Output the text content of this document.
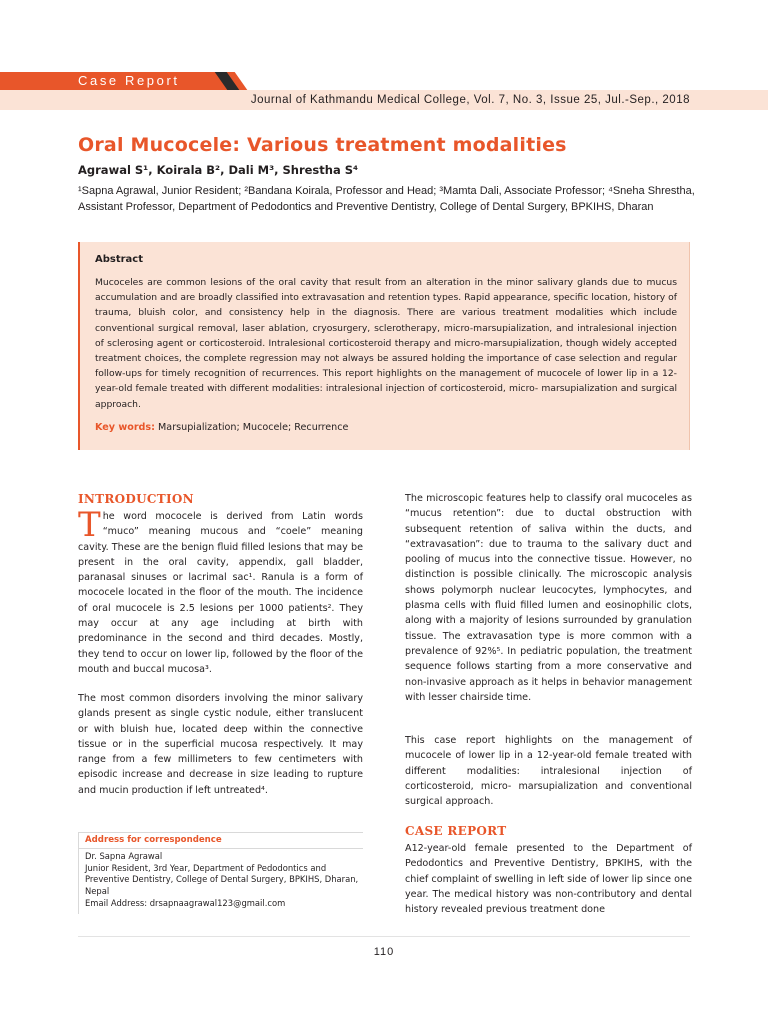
Case Report
Journal of Kathmandu Medical College, Vol. 7, No. 3, Issue 25, Jul.-Sep., 2018
Oral Mucocele: Various treatment modalities
Agrawal S¹, Koirala B², Dali M³, Shrestha S⁴
¹Sapna Agrawal, Junior Resident; ²Bandana Koirala, Professor and Head; ³Mamta Dali, Associate Professor; ⁴Sneha Shrestha, Assistant Professor, Department of Pedodontics and Preventive Dentistry, College of Dental Surgery, BPKIHS, Dharan
Abstract

Mucoceles are common lesions of the oral cavity that result from an alteration in the minor salivary glands due to mucus accumulation and are broadly classified into extravasation and retention types. Rapid appearance, specific location, history of trauma, bluish color, and consistency help in the diagnosis. There are various treatment modalities which include conventional surgical removal, laser ablation, cryosurgery, sclerotherapy, micro-marsupialization, and intralesional injection of sclerosing agent or corticosteroid. Intralesional corticosteroid therapy and micro-marsupialization, though widely accepted treatment choices, the complete regression may not always be assured holding the importance of case selection and regular follow-ups for timely recognition of recurrences. This report highlights on the management of mucocele of lower lip in a 12-year-old female treated with different modalities: intralesional injection of corticosteroid, micro- marsupialization and surgical approach.

Key words: Marsupialization; Mucocele; Recurrence
INTRODUCTION

The word mococele is derived from Latin words “muco” meaning mucous and “coele” meaning cavity. These are the benign fluid filled lesions that may be present in the oral cavity, appendix, gall bladder, paranasal sinuses or lacrimal sac¹. Ranula is a form of mococele located in the floor of the mouth. The incidence of oral mucocele is 2.5 lesions per 1000 patients². They may occur at any age including at birth with predominance in the second and third decades. Mostly, they tend to occur on lower lip, followed by the floor of the mouth and buccal mucosa³.

The most common disorders involving the minor salivary glands present as single cystic nodule, either translucent or with bluish hue, located deep within the connective tissue or in the superficial mucosa respectively. It may range from a few millimeters to few centimeters with episodic increase and decrease in size leading to rupture and mucin production if left untreated⁴.

Address for correspondence
Dr. Sapna Agrawal
Junior Resident, 3rd Year, Department of Pedodontics and Preventive Dentistry, College of Dental Surgery, BPKIHS, Dharan, Nepal
Email Address: drsapnaagrawal123@gmail.com

The microscopic features help to classify oral mucoceles as “mucus retention”: due to ductal obstruction with subsequent retention of saliva within the ducts, and “extravasation”: due to trauma to the salivary duct and pooling of mucus into the connective tissue. However, no distinction is possible clinically. The microscopic analysis shows polymorph nuclear leucocytes, lymphocytes, and plasma cells with fluid filled lumen and eosinophilic clots, along with a majority of lesions surrounded by granulation tissue. The extravasation type is more common with a prevalence of 92%⁵. In pediatric population, the treatment sequence follows starting from a more conservative and non-invasive approach as it helps in behavior management with lesser chairside time.

This case report highlights on the management of mucocele of lower lip in a 12-year-old female treated with different modalities: intralesional injection of corticosteroid, micro- marsupialization and conventional surgical approach.

CASE REPORT

A12-year-old female presented to the Department of Pedodontics and Preventive Dentistry, BPKIHS, with the chief complaint of swelling in left side of lower lip since one year. The medical history was non-contributory and dental history revealed previous treatment done

110
